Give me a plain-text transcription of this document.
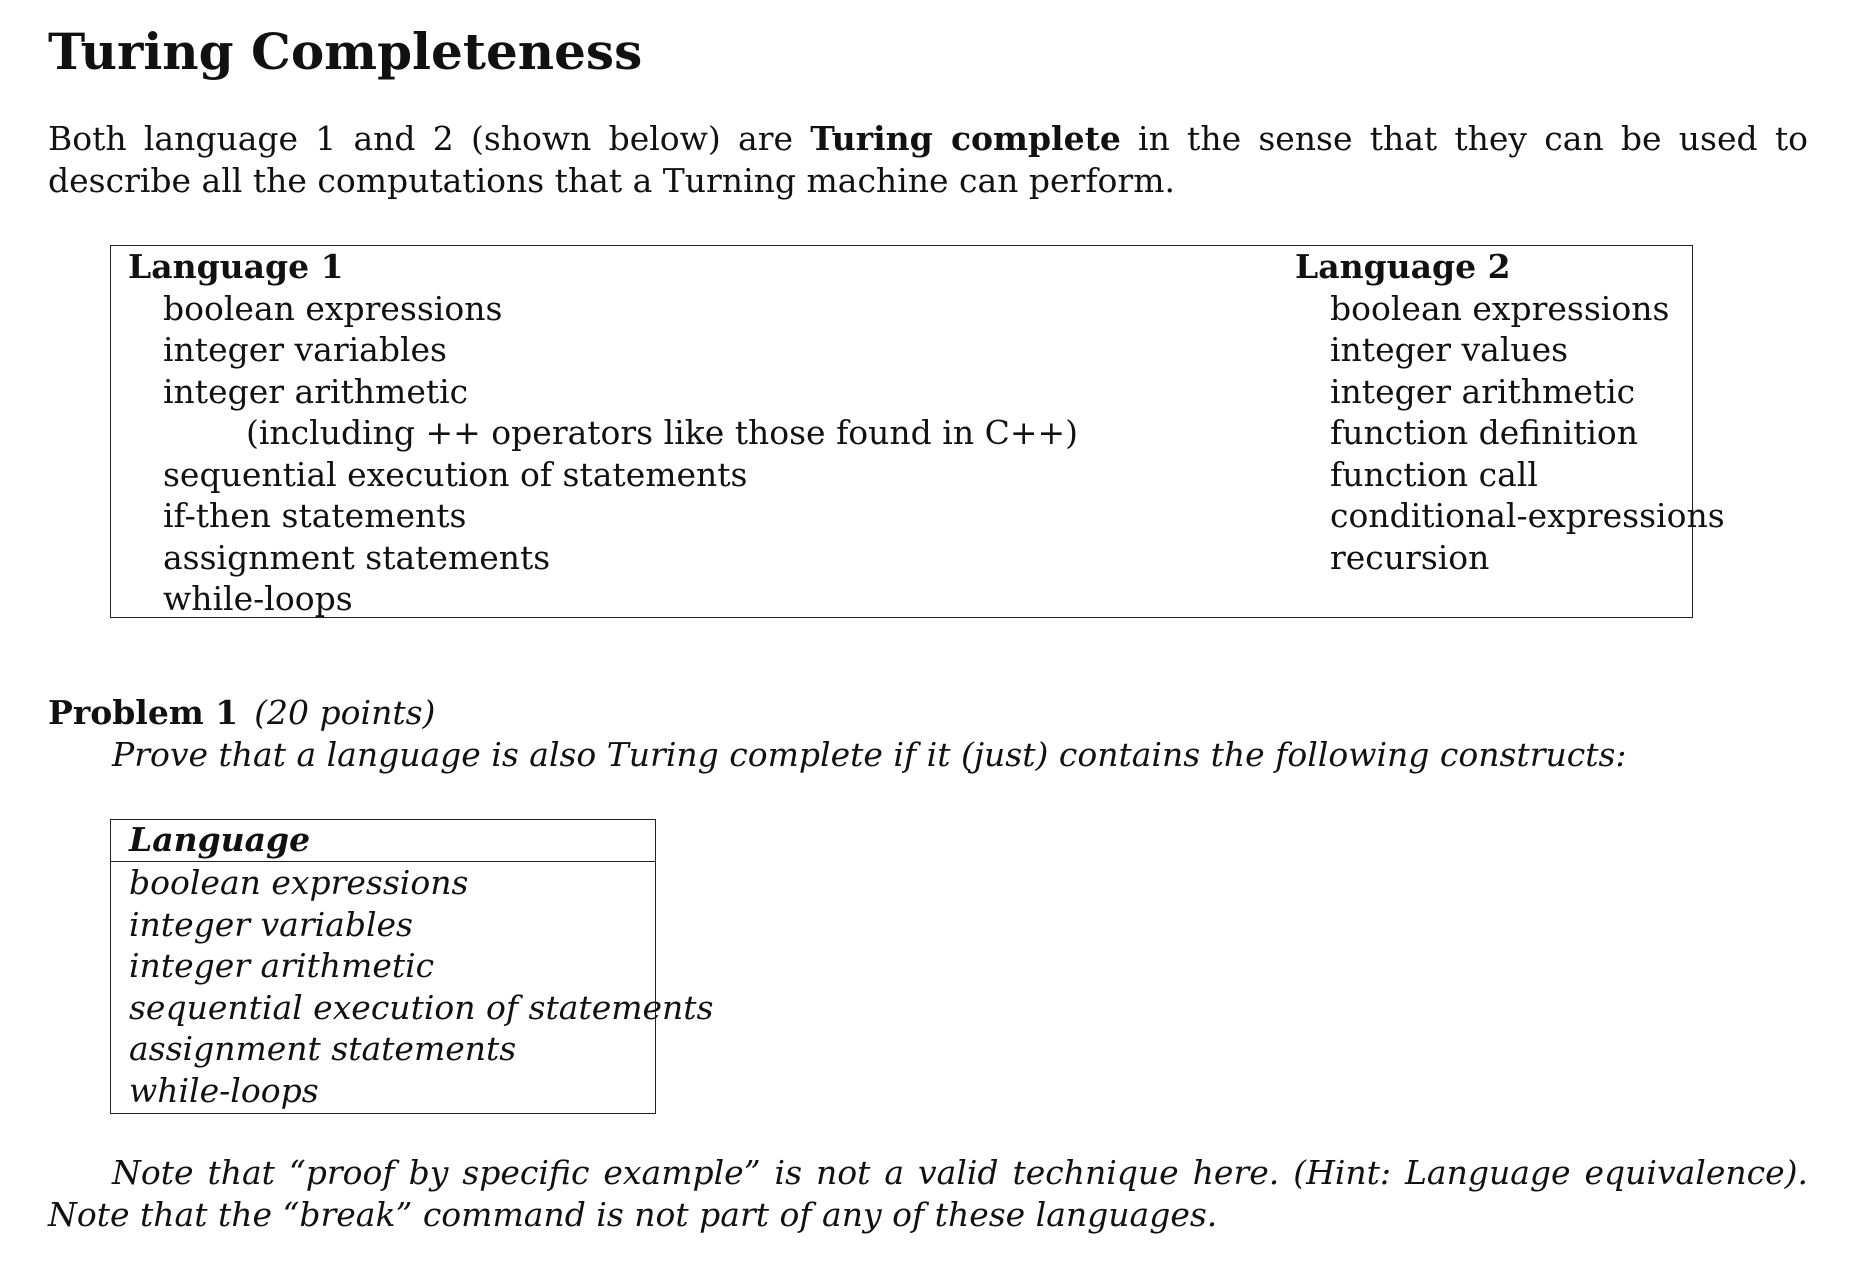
Turing Completeness

Both language 1 and 2 (shown below) are Turing complete in the sense that they can be used to describe all the computations that a Turning machine can perform.

Language 1

boolean expressions
integer variables
integer arithmetic
(including ++ operators like those found in C++)
sequential execution of statements
if-then statements
assignment statements
while-loops

Language 2

boolean expressions
integer values
integer arithmetic
function definition
function call
conditional-expressions
recursion

Problem 1 (20 points)

Prove that a language is also Turing complete if it (just) contains the following constructs:

Language
boolean expressions
integer variables
integer arithmetic
sequential execution of statements
assignment statements
while-loops

Note that “proof by specific example” is not a valid technique here. (Hint: Language equivalence). Note that the “break” command is not part of any of these languages.
